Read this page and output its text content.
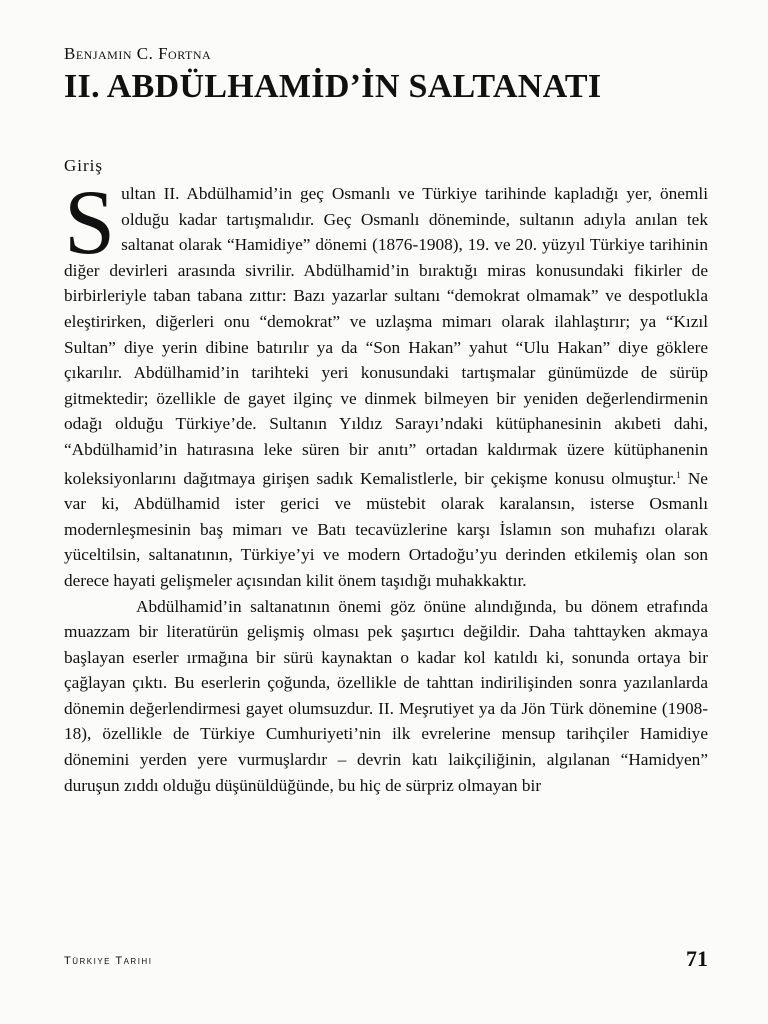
Benjamin C. Fortna
II. ABDÜLHAMİD’İN SALTANATI
Giriş

Sultan II. Abdülhamid’in geç Osmanlı ve Türkiye tarihinde kapladığı yer, önemli olduğu kadar tartışmalıdır. Geç Osmanlı döneminde, sultanın adıyla anılan tek saltanat olarak “Hamidiye” dönemi (1876-1908), 19. ve 20. yüzyıl Türkiye tarihinin diğer devirleri arasında sivrilir. Abdülhamid’in bıraktığı miras konusundaki fikirler de birbirleriyle taban tabana zıttır: Bazı yazarlar sultanı “demokrat olmamak” ve despotlukla eleştirirken, diğerleri onu “demokrat” ve uzlaşma mimarı olarak ilahlaştırır; ya “Kızıl Sultan” diye yerin dibine batırılır ya da “Son Hakan” yahut “Ulu Hakan” diye göklere çıkarılır. Abdülhamid’in tarihteki yeri konusundaki tartışmalar günümüzde de sürüp gitmektedir; özellikle de gayet ilginç ve dinmek bilmeyen bir yeniden değerlendirmenin odağı olduğu Türkiye’de. Sultanın Yıldız Sarayı’ndaki kütüphanesinin akıbeti dahi, “Abdülhamid’in hatırasına leke süren bir anıtı” ortadan kaldırmak üzere kütüphanenin koleksiyonlarını dağıtmaya girişen sadık Kemalistlerle, bir çekişme konusu olmuştur.$^1$ Ne var ki, Abdülhamid ister gerici ve müstebit olarak karalansın, isterse Osmanlı modernleşmesinin baş mimarı ve Batı tecavüzlerine karşı İslamın son muhafızı olarak yüceltilsin, saltanatının, Türkiye’yi ve modern Ortadoğu’yu derinden etkilemiş olan son derece hayati gelişmeler açısından kilit önem taşıdığı muhakkaktır.

Abdülhamid’in saltanatının önemi göz önüne alındığında, bu dönem etrafında muazzam bir literatürün gelişmiş olması pek şaşırtıcı değildir. Daha tahttayken akmaya başlayan eserler ırmağına bir sürü kaynaktan o kadar kol katıldı ki, sonunda ortaya bir çağlayan çıktı. Bu eserlerin çoğunda, özellikle de tahttan indirilişinden sonra yazılanlarda dönemin değerlendirmesi gayet olumsuzdur. II. Meşrutiyet ya da Jön Türk dönemine (1908-18), özellikle de Türkiye Cumhuriyeti’nin ilk evrelerine mensup tarihçiler Hamidiye dönemini yerden yere vurmuşlardır – devrin katı laikçiliğinin, algılanan “Hamidyen” duruşun zıddı olduğu düşünüldüğünde, bu hiç de sürpriz olmayan bir

Türkiye Tarihi	71
